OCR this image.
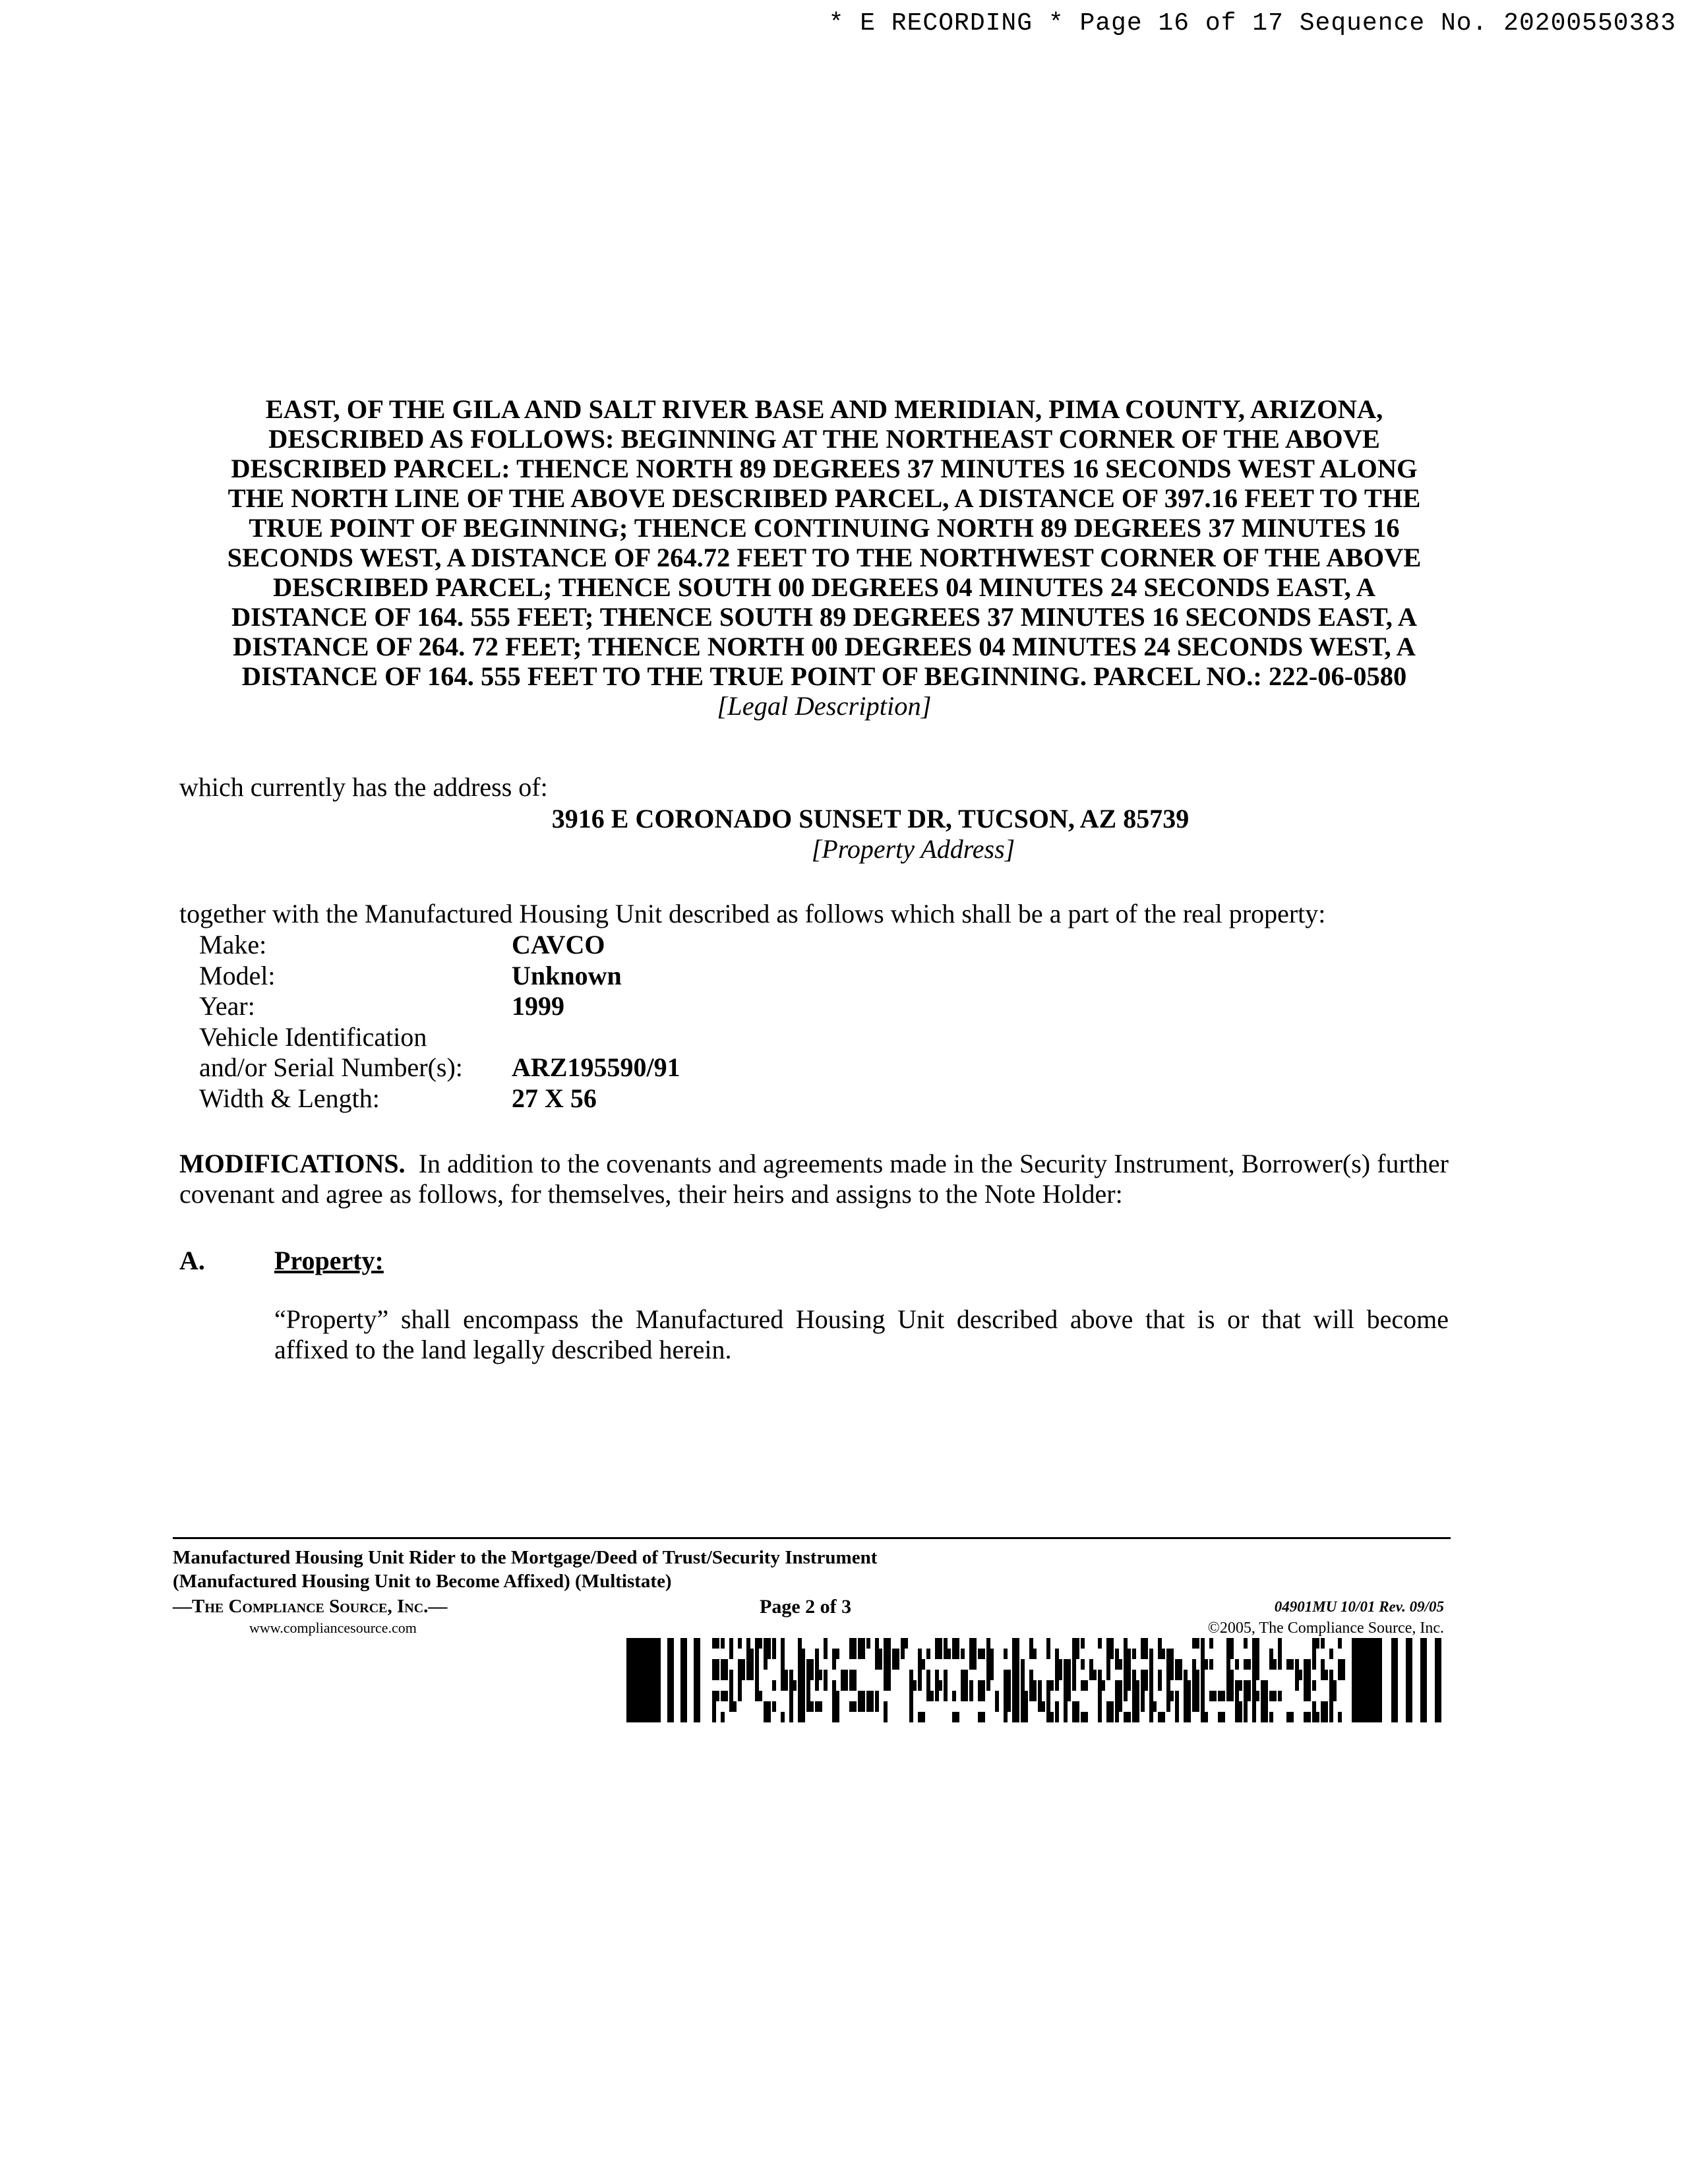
* E RECORDING * Page 16 of 17 Sequence No. 20200550383
EAST, OF THE GILA AND SALT RIVER BASE AND MERIDIAN, PIMA COUNTY, ARIZONA,
DESCRIBED AS FOLLOWS: BEGINNING AT THE NORTHEAST CORNER OF THE ABOVE
DESCRIBED PARCEL: THENCE NORTH 89 DEGREES 37 MINUTES 16 SECONDS WEST ALONG
THE NORTH LINE OF THE ABOVE DESCRIBED PARCEL, A DISTANCE OF 397.16 FEET TO THE
TRUE POINT OF BEGINNING; THENCE CONTINUING NORTH 89 DEGREES 37 MINUTES 16
SECONDS WEST, A DISTANCE OF 264.72 FEET TO THE NORTHWEST CORNER OF THE ABOVE
DESCRIBED PARCEL; THENCE SOUTH 00 DEGREES 04 MINUTES 24 SECONDS EAST, A
DISTANCE OF 164. 555 FEET; THENCE SOUTH 89 DEGREES 37 MINUTES 16 SECONDS EAST, A
DISTANCE OF 264. 72 FEET; THENCE NORTH 00 DEGREES 04 MINUTES 24 SECONDS WEST, A
DISTANCE OF 164. 555 FEET TO THE TRUE POINT OF BEGINNING. PARCEL NO.: 222-06-0580
[Legal Description]
which currently has the address of:
3916 E CORONADO SUNSET DR, TUCSON, AZ 85739
[Property Address]
together with the Manufactured Housing Unit described as follows which shall be a part of the real property:
Make:	CAVCO
Model:	Unknown
Year:	1999
Vehicle Identification
and/or Serial Number(s):	ARZ195590/91
Width & Length:	27 X 56
MODIFICATIONS. In addition to the covenants and agreements made in the Security Instrument, Borrower(s) further covenant and agree as follows, for themselves, their heirs and assigns to the Note Holder:
A.	Property:
“Property” shall encompass the Manufactured Housing Unit described above that is or that will become affixed to the land legally described herein.
Manufactured Housing Unit Rider to the Mortgage/Deed of Trust/Security Instrument
(Manufactured Housing Unit to Become Affixed) (Multistate)
—The Compliance Source, Inc.—
www.compliancesource.com
Page 2 of 3	04901MU 10/01 Rev. 09/05
©2005, The Compliance Source, Inc.
